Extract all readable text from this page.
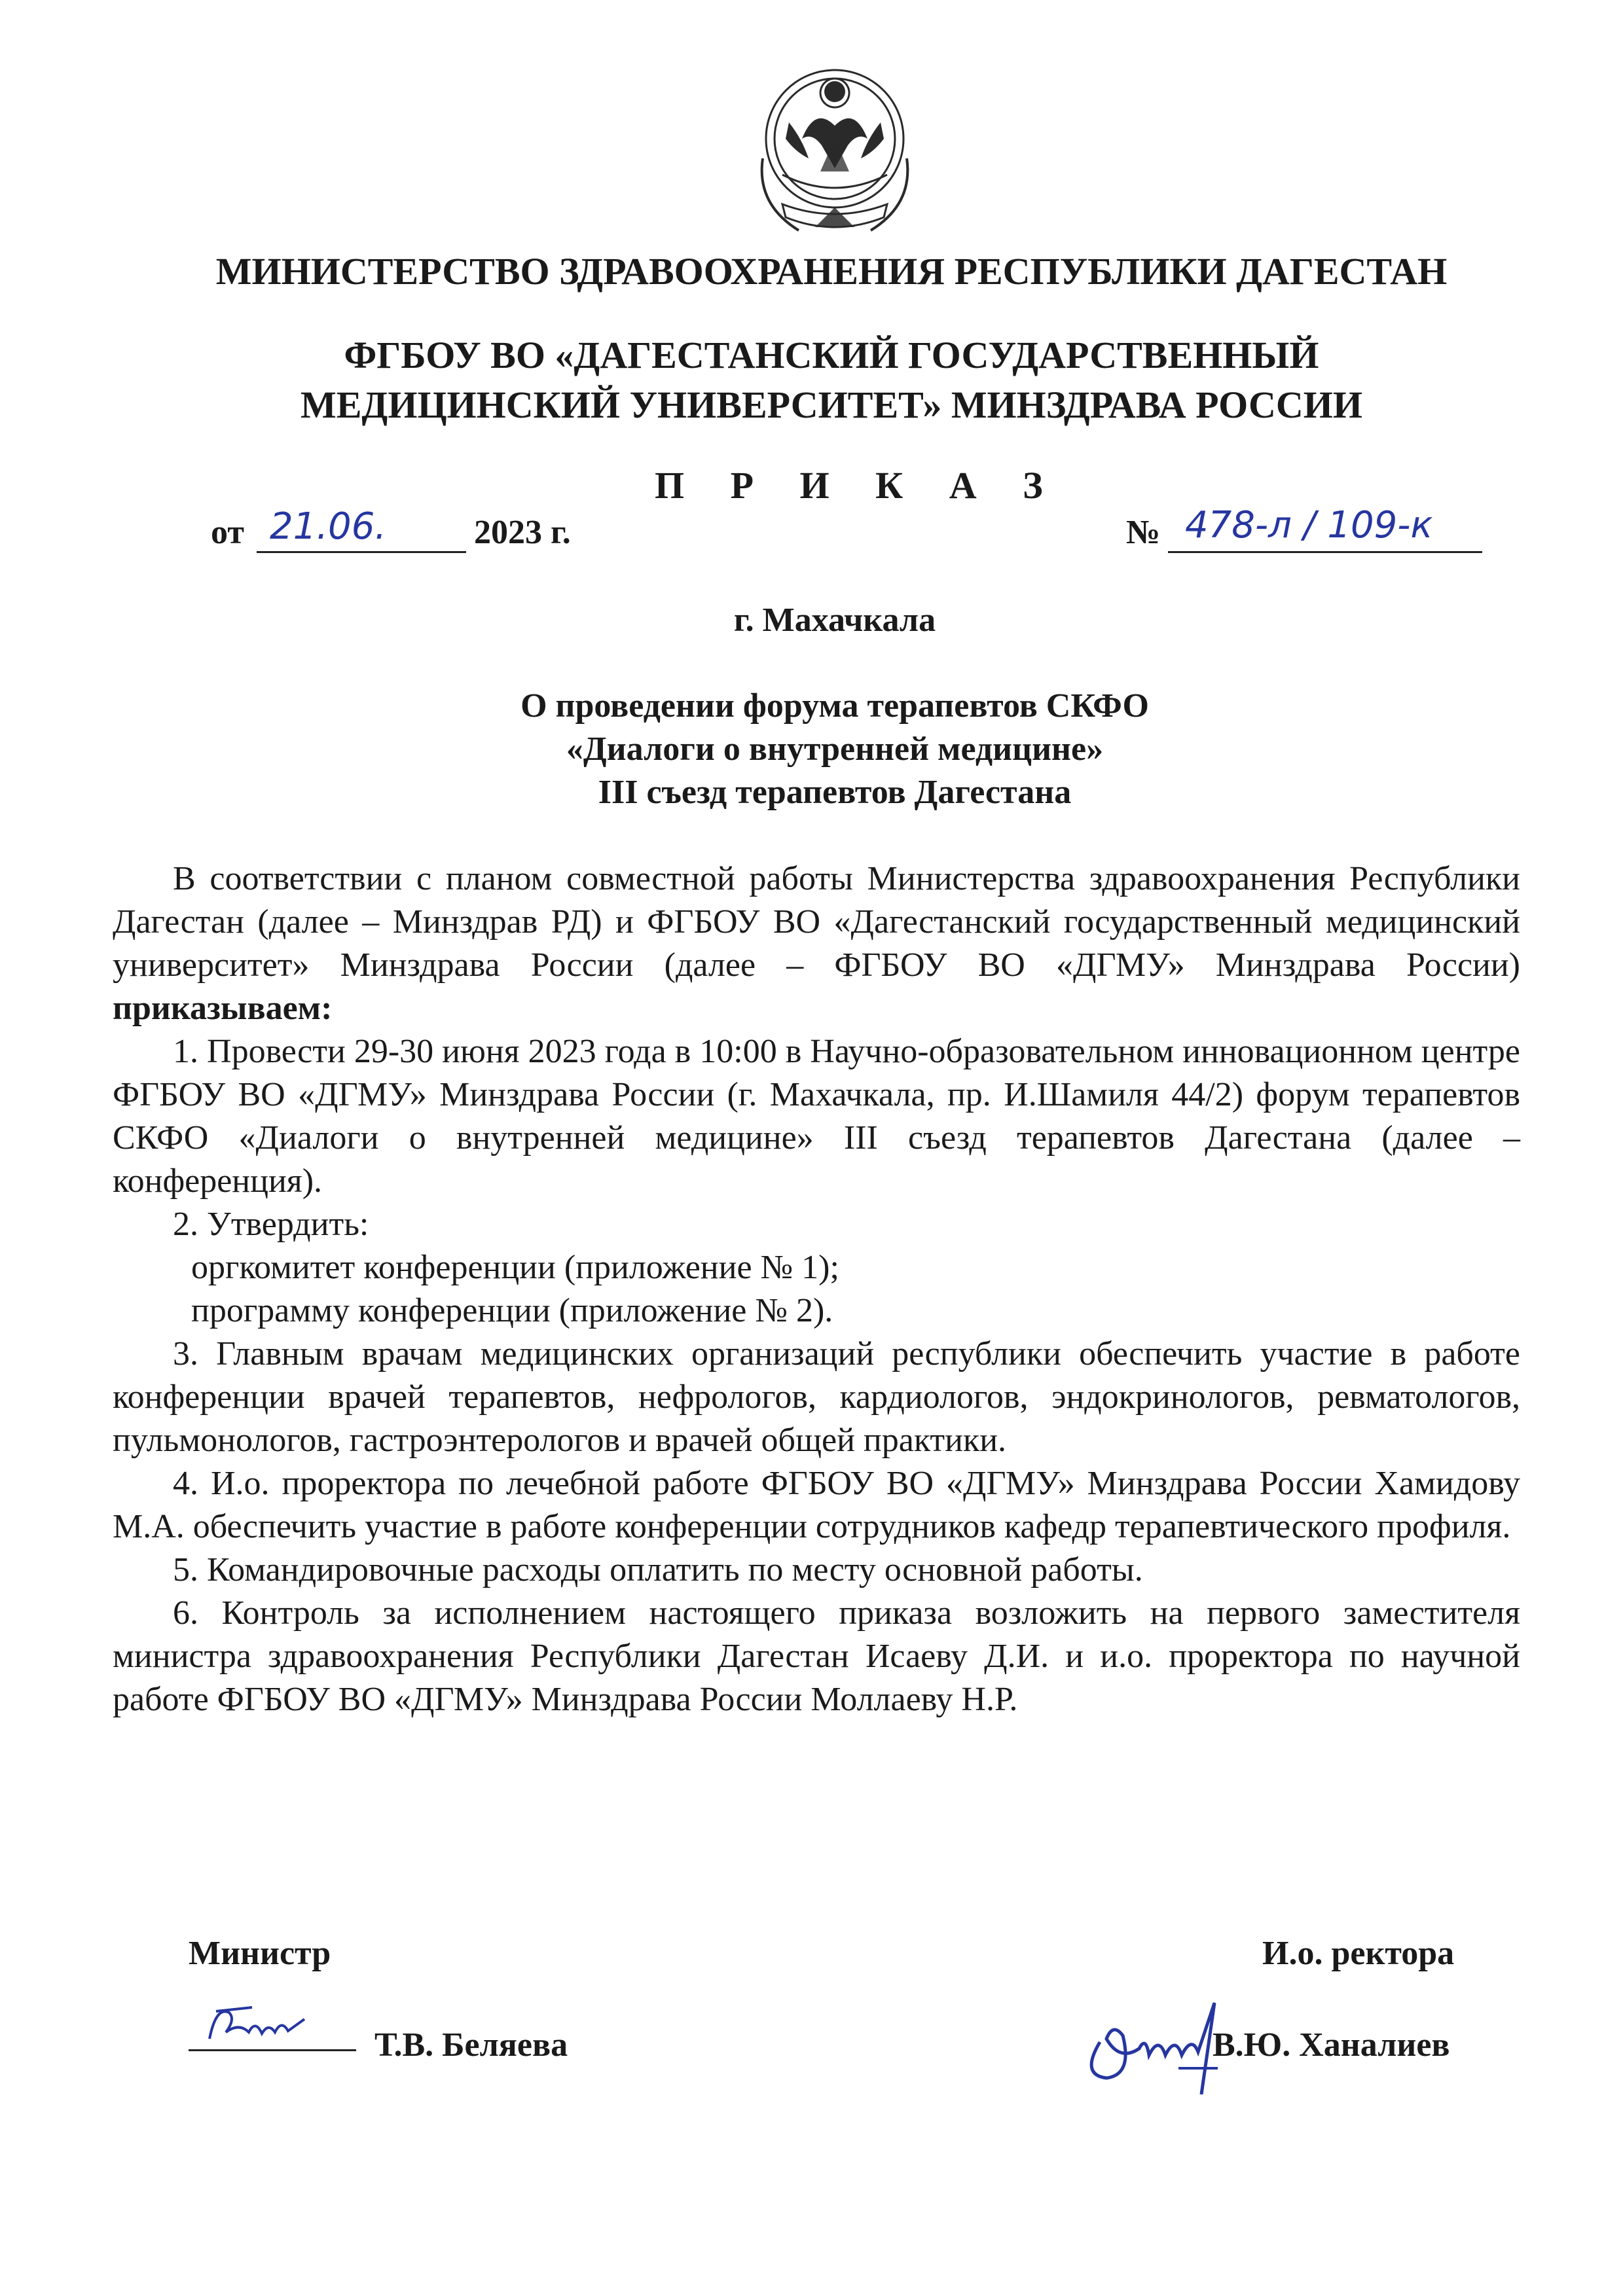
МИНИСТЕРСТВО ЗДРАВООХРАНЕНИЯ РЕСПУБЛИКИ ДАГЕСТАН
ФГБОУ ВО «ДАГЕСТАНСКИЙ ГОСУДАРСТВЕННЫЙ
МЕДИЦИНСКИЙ УНИВЕРСИТЕТ» МИНЗДРАВА РОССИИ
П Р И К А З
от 21.06.	2023 г.	№ 478-л / 109-к
г. Махачкала
О проведении форума терапевтов СКФО
«Диалоги о внутренней медицине»
III съезд терапевтов Дагестана

В соответствии с планом совместной работы Министерства здравоохранения Республики Дагестан (далее – Минздрав РД) и ФГБОУ ВО «Дагестанский государственный медицинский университет» Минздрава России (далее – ФГБОУ ВО «ДГМУ» Минздрава России) приказываем:

1. Провести 29-30 июня 2023 года в 10:00 в Научно-образовательном инновационном центре ФГБОУ ВО «ДГМУ» Минздрава России (г. Махачкала, пр. И.Шамиля 44/2) форум терапевтов СКФО «Диалоги о внутренней медицине» III съезд терапевтов Дагестана (далее – конференция).

2. Утвердить:

оргкомитет конференции (приложение № 1);

программу конференции (приложение № 2).

3. Главным врачам медицинских организаций республики обеспечить участие в работе конференции врачей терапевтов, нефрологов, кардиологов, эндокринологов, ревматологов, пульмонологов, гастроэнтерологов и врачей общей практики.

4. И.о. проректора по лечебной работе ФГБОУ ВО «ДГМУ» Минздрава России Хамидову М.А. обеспечить участие в работе конференции сотрудников кафедр терапевтического профиля.

5. Командировочные расходы оплатить по месту основной работы.

6. Контроль за исполнением настоящего приказа возложить на первого заместителя министра здравоохранения Республики Дагестан Исаеву Д.И. и и.о. проректора по научной работе ФГБОУ ВО «ДГМУ» Минздрава России Моллаеву Н.Р.

Министр	И.о. ректора
Т.В. Беляева	В.Ю. Ханалиев
